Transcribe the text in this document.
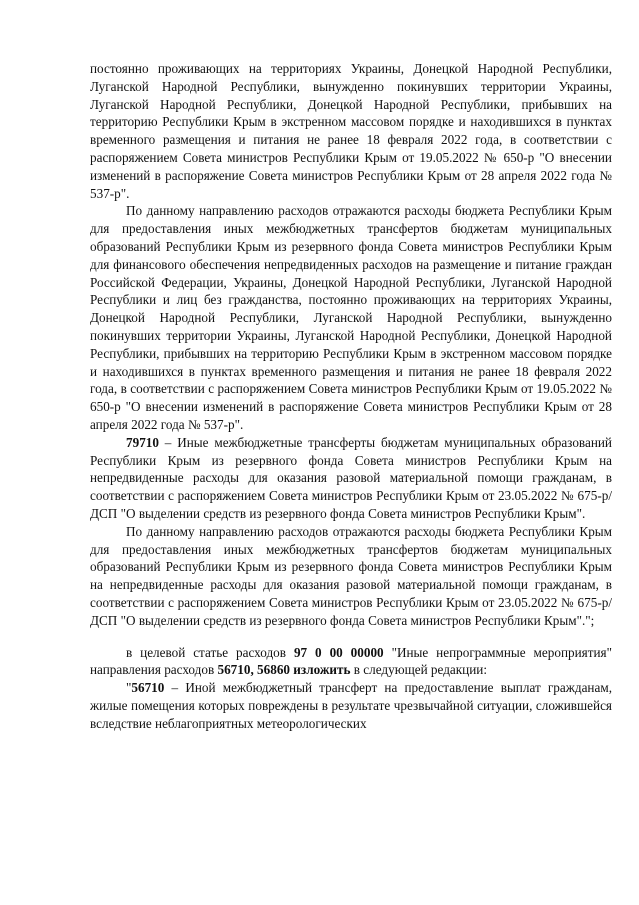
постоянно проживающих на территориях Украины, Донецкой Народной Республики, Луганской Народной Республики, вынужденно покинувших территории Украины, Луганской Народной Республики, Донецкой Народной Республики, прибывших на территорию Республики Крым в экстренном массовом порядке и находившихся в пунктах временного размещения и питания не ранее 18 февраля 2022 года, в соответствии с распоряжением Совета министров Республики Крым от 19.05.2022 № 650-р "О внесении изменений в распоряжение Совета министров Республики Крым от 28 апреля 2022 года № 537-р".

По данному направлению расходов отражаются расходы бюджета Республики Крым для предоставления иных межбюджетных трансфертов бюджетам муниципальных образований Республики Крым из резервного фонда Совета министров Республики Крым для финансового обеспечения непредвиденных расходов на размещение и питание граждан Российской Федерации, Украины, Донецкой Народной Республики, Луганской Народной Республики и лиц без гражданства, постоянно проживающих на территориях Украины, Донецкой Народной Республики, Луганской Народной Республики, вынужденно покинувших территории Украины, Луганской Народной Республики, Донецкой Народной Республики, прибывших на территорию Республики Крым в экстренном массовом порядке и находившихся в пунктах временного размещения и питания не ранее 18 февраля 2022 года, в соответствии с распоряжением Совета министров Республики Крым от 19.05.2022 № 650-р "О внесении изменений в распоряжение Совета министров Республики Крым от 28 апреля 2022 года № 537-р".

79710 – Иные межбюджетные трансферты бюджетам муниципальных образований Республики Крым из резервного фонда Совета министров Республики Крым на непредвиденные расходы для оказания разовой материальной помощи гражданам, в соответствии с распоряжением Совета министров Республики Крым от 23.05.2022 № 675-р/ДСП "О выделении средств из резервного фонда Совета министров Республики Крым".

По данному направлению расходов отражаются расходы бюджета Республики Крым для предоставления иных межбюджетных трансфертов бюджетам муниципальных образований Республики Крым из резервного фонда Совета министров Республики Крым на непредвиденные расходы для оказания разовой материальной помощи гражданам, в соответствии с распоряжением Совета министров Республики Крым от 23.05.2022 № 675-р/ДСП "О выделении средств из резервного фонда Совета министров Республики Крым".";

в целевой статье расходов 97 0 00 00000 "Иные непрограммные мероприятия" направления расходов 56710, 56860 изложить в следующей редакции:

"56710 – Иной межбюджетный трансферт на предоставление выплат гражданам, жилые помещения которых повреждены в результате чрезвычайной ситуации, сложившейся вследствие неблагоприятных метеорологических
